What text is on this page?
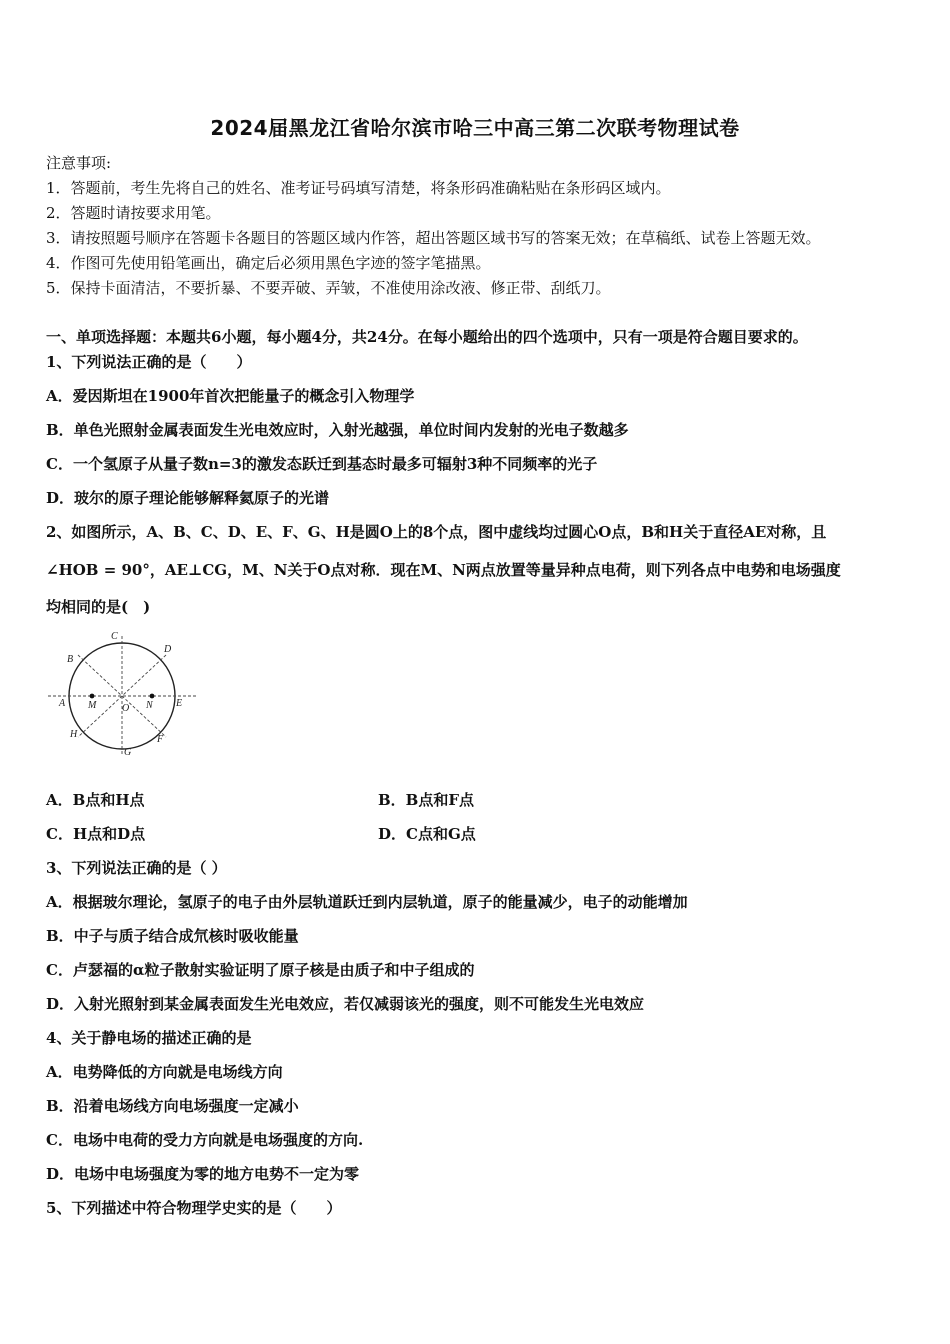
2024届黑龙江省哈尔滨市哈三中高三第二次联考物理试卷
注意事项:
1．答题前，考生先将自己的姓名、准考证号码填写清楚，将条形码准确粘贴在条形码区域内。
2．答题时请按要求用笔。
3．请按照题号顺序在答题卡各题目的答题区域内作答，超出答题区域书写的答案无效；在草稿纸、试卷上答题无效。
4．作图可先使用铅笔画出，确定后必须用黑色字迹的签字笔描黑。
5．保持卡面清洁，不要折暴、不要弄破、弄皱，不准使用涂改液、修正带、刮纸刀。
一、单项选择题：本题共6小题，每小题4分，共24分。在每小题给出的四个选项中，只有一项是符合题目要求的。
1、下列说法正确的是（　　）
A．爱因斯坦在1900年首次把能量子的概念引入物理学
B．单色光照射金属表面发生光电效应时，入射光越强，单位时间内发射的光电子数越多
C．一个氢原子从量子数n=3的激发态跃迁到基态时最多可辐射3种不同频率的光子
D．玻尔的原子理论能够解释氦原子的光谱
2、如图所示，A、B、C、D、E、F、G、H是圆O上的8个点，图中虚线均过圆心O点，B和H关于直径AE对称，且
∠HOB = 90°，AE⊥CG，M、N关于O点对称．现在M、N两点放置等量异种点电荷，则下列各点中电势和电场强度
均相同的是(　)
C
D
B
A M	O N E
H	F
G
A．B点和H点	B．B点和F点
C．H点和D点	D．C点和G点
3、下列说法正确的是（ ）
A．根据玻尔理论，氢原子的电子由外层轨道跃迁到内层轨道，原子的能量减少，电子的动能增加
B．中子与质子结合成氘核时吸收能量
C．卢瑟福的α粒子散射实验证明了原子核是由质子和中子组成的
D．入射光照射到某金属表面发生光电效应，若仅减弱该光的强度，则不可能发生光电效应
4、关于静电场的描述正确的是
A．电势降低的方向就是电场线方向
B．沿着电场线方向电场强度一定减小
C．电场中电荷的受力方向就是电场强度的方向.
D．电场中电场强度为零的地方电势不一定为零
5、下列描述中符合物理学史实的是（　　）
